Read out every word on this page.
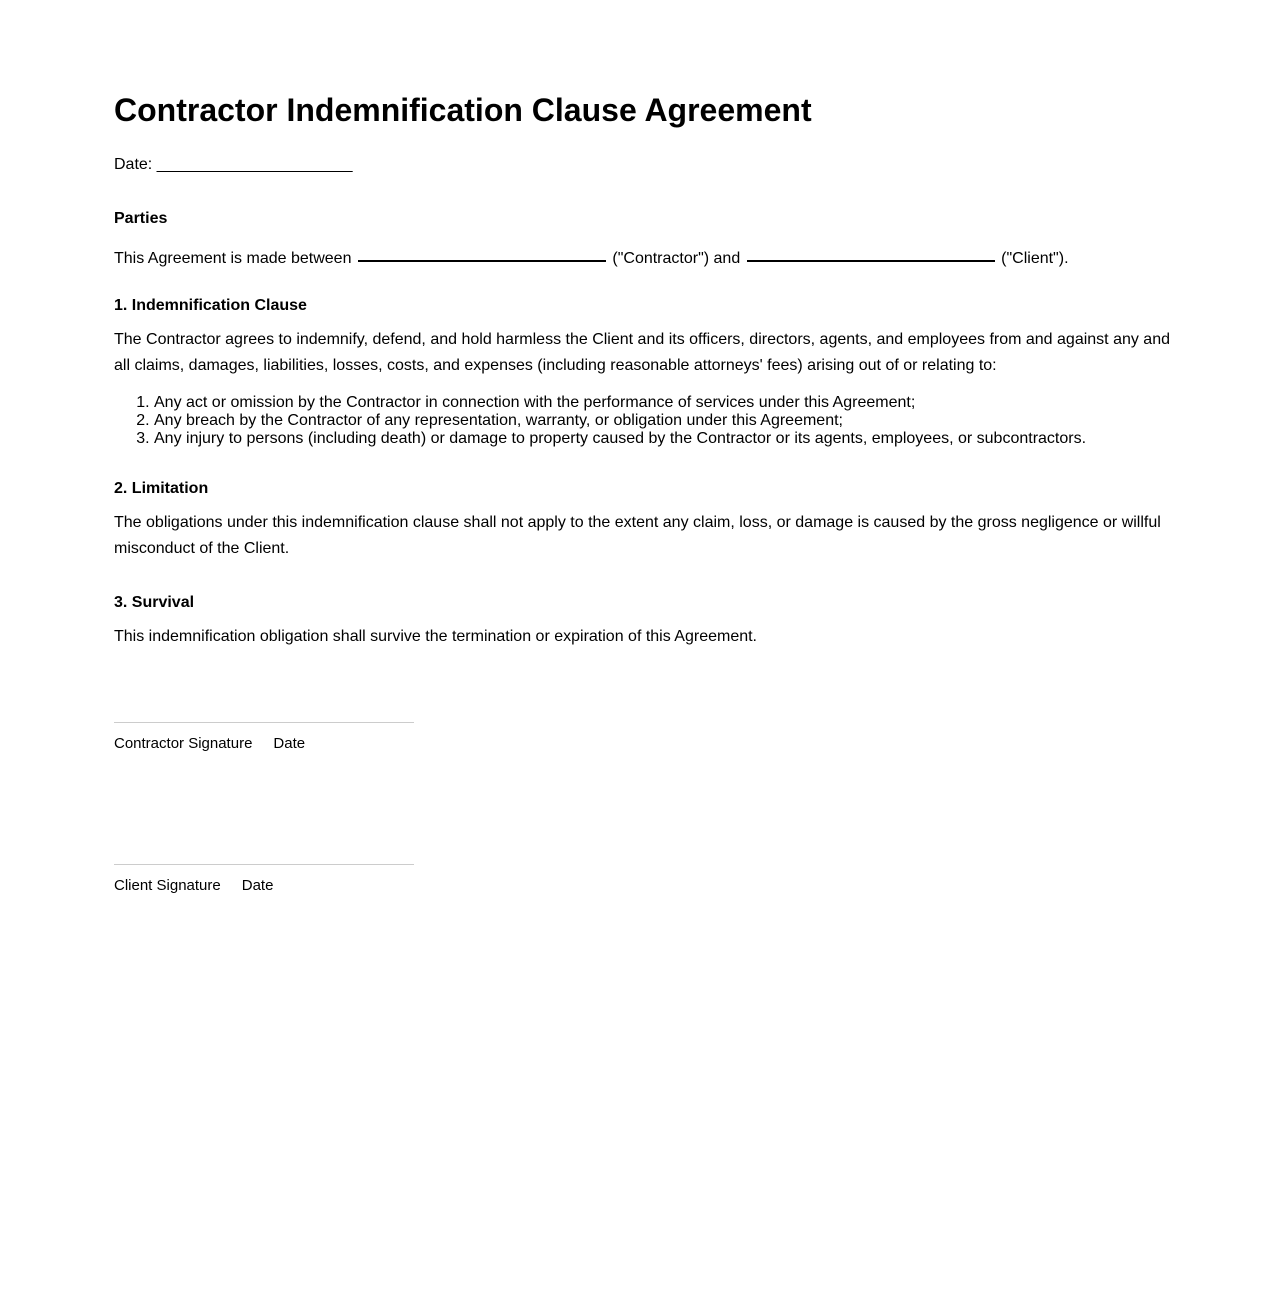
Contractor Indemnification Clause Agreement
Date: ______________________
Parties
This Agreement is made between	("Contractor") and	("Client").
1. Indemnification Clause
The Contractor agrees to indemnify, defend, and hold harmless the Client and its officers, directors, agents, and employees from and against any and all claims, damages, liabilities, losses, costs, and expenses (including reasonable attorneys' fees) arising out of or relating to:
1. Any act or omission by the Contractor in connection with the performance of services under this Agreement;
2. Any breach by the Contractor of any representation, warranty, or obligation under this Agreement;
3. Any injury to persons (including death) or damage to property caused by the Contractor or its agents, employees, or subcontractors.
2. Limitation
The obligations under this indemnification clause shall not apply to the extent any claim, loss, or damage is caused by the gross negligence or willful misconduct of the Client.
3. Survival
This indemnification obligation shall survive the termination or expiration of this Agreement.
Contractor Signature Date
Client Signature Date
